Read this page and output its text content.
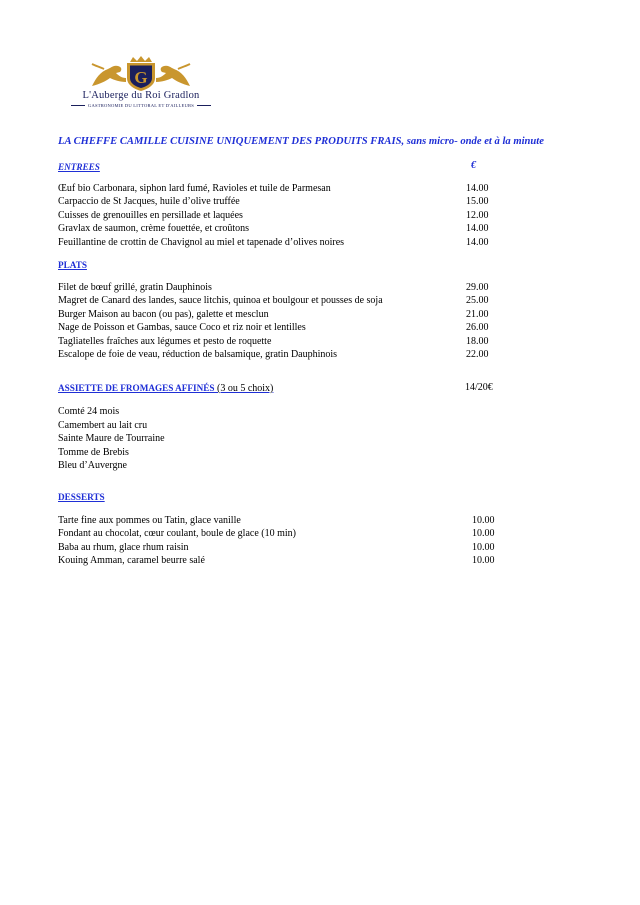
G
L'Auberge du Roi Gradlon
GASTRONOMIE DU LITTORAL ET D'AILLEURS
LA CHEFFE CAMILLE CUISINE UNIQUEMENT DES PRODUITS FRAIS, sans micro- onde et à la minute
ENTREES	€
Œuf bio Carbonara, siphon lard fumé, Ravioles et tuile de Parmesan	14.00
Carpaccio de St Jacques, huile d’olive truffée	15.00
Cuisses de grenouilles en persillade et laquées	12.00
Gravlax de saumon, crème fouettée, et croûtons	14.00
Feuillantine de crottin de Chavignol au miel et tapenade d’olives noires	14.00
PLATS
Filet de bœuf grillé, gratin Dauphinois	29.00
Magret de Canard des landes, sauce litchis, quinoa et boulgour et pousses de soja	25.00
Burger Maison au bacon (ou pas), galette et mesclun	21.00
Nage de Poisson et Gambas, sauce Coco et riz noir et lentilles	26.00
Tagliatelles fraîches aux légumes et pesto de roquette	18.00
Escalope de foie de veau, réduction de balsamique, gratin Dauphinois	22.00
ASSIETTE DE FROMAGES AFFINÉS (3 ou 5 choix)	14/20€
Comté 24 mois
Camembert au lait cru
Sainte Maure de Tourraine
Tomme de Brebis
Bleu d’Auvergne
DESSERTS
Tarte fine aux pommes ou Tatin, glace vanille	10.00
Fondant au chocolat, cœur coulant, boule de glace (10 min)	10.00
Baba au rhum, glace rhum raisin	10.00
Kouing Amman, caramel beurre salé	10.00
